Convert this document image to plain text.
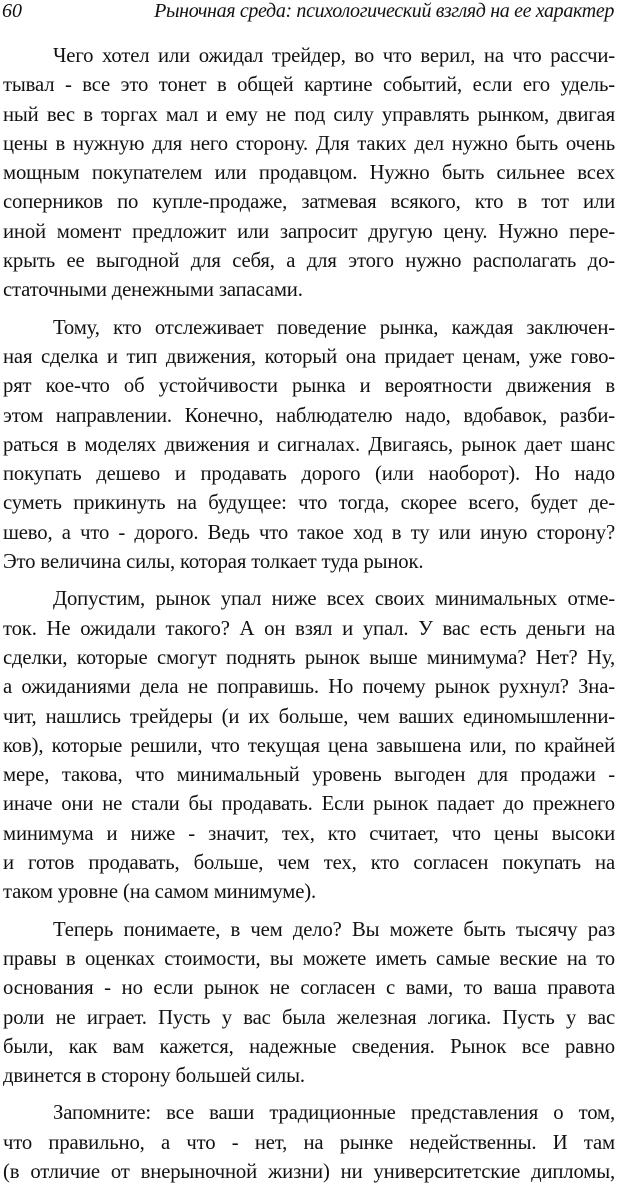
60	Рыночная среда: психологический взгляд на ее характер
Чего хотел или ожидал трейдер, во что верил, на что рассчи-
тывал - все это тонет в общей картине событий, если его удель-
ный вес в торгах мал и ему не под силу управлять рынком, двигая
цены в нужную для него сторону. Для таких дел нужно быть очень
мощным покупателем или продавцом. Нужно быть сильнее всех
соперников по купле-продаже, затмевая всякого, кто в тот или
иной момент предложит или запросит другую цену. Нужно пере-
крыть ее выгодной для себя, а для этого нужно располагать до-
статочными денежными запасами.
Тому, кто отслеживает поведение рынка, каждая заключен-
ная сделка и тип движения, который она придает ценам, уже гово-
рят кое-что об устойчивости рынка и вероятности движения в
этом направлении. Конечно, наблюдателю надо, вдобавок, разби-
раться в моделях движения и сигналах. Двигаясь, рынок дает шанс
покупать дешево и продавать дорого (или наоборот). Но надо
суметь прикинуть на будущее: что тогда, скорее всего, будет де-
шево, а что - дорого. Ведь что такое ход в ту или иную сторону?
Это величина силы, которая толкает туда рынок.
Допустим, рынок упал ниже всех своих минимальных отме-
ток. Не ожидали такого? А он взял и упал. У вас есть деньги на
сделки, которые смогут поднять рынок выше минимума? Нет? Ну,
а ожиданиями дела не поправишь. Но почему рынок рухнул? Зна-
чит, нашлись трейдеры (и их больше, чем ваших единомышленни-
ков), которые решили, что текущая цена завышена или, по крайней
мере, такова, что минимальный уровень выгоден для продажи -
иначе они не стали бы продавать. Если рынок падает до прежнего
минимума и ниже - значит, тех, кто считает, что цены высоки
и готов продавать, больше, чем тех, кто согласен покупать на
таком уровне (на самом минимуме).
Теперь понимаете, в чем дело? Вы можете быть тысячу раз
правы в оценках стоимости, вы можете иметь самые веские на то
основания - но если рынок не согласен с вами, то ваша правота
роли не играет. Пусть у вас была железная логика. Пусть у вас
были, как вам кажется, надежные сведения. Рынок все равно
двинется в сторону большей силы.
Запомните: все ваши традиционные представления о том,
что правильно, а что - нет, на рынке недейственны. И там
(в отличие от внерыночной жизни) ни университетские дипломы,
